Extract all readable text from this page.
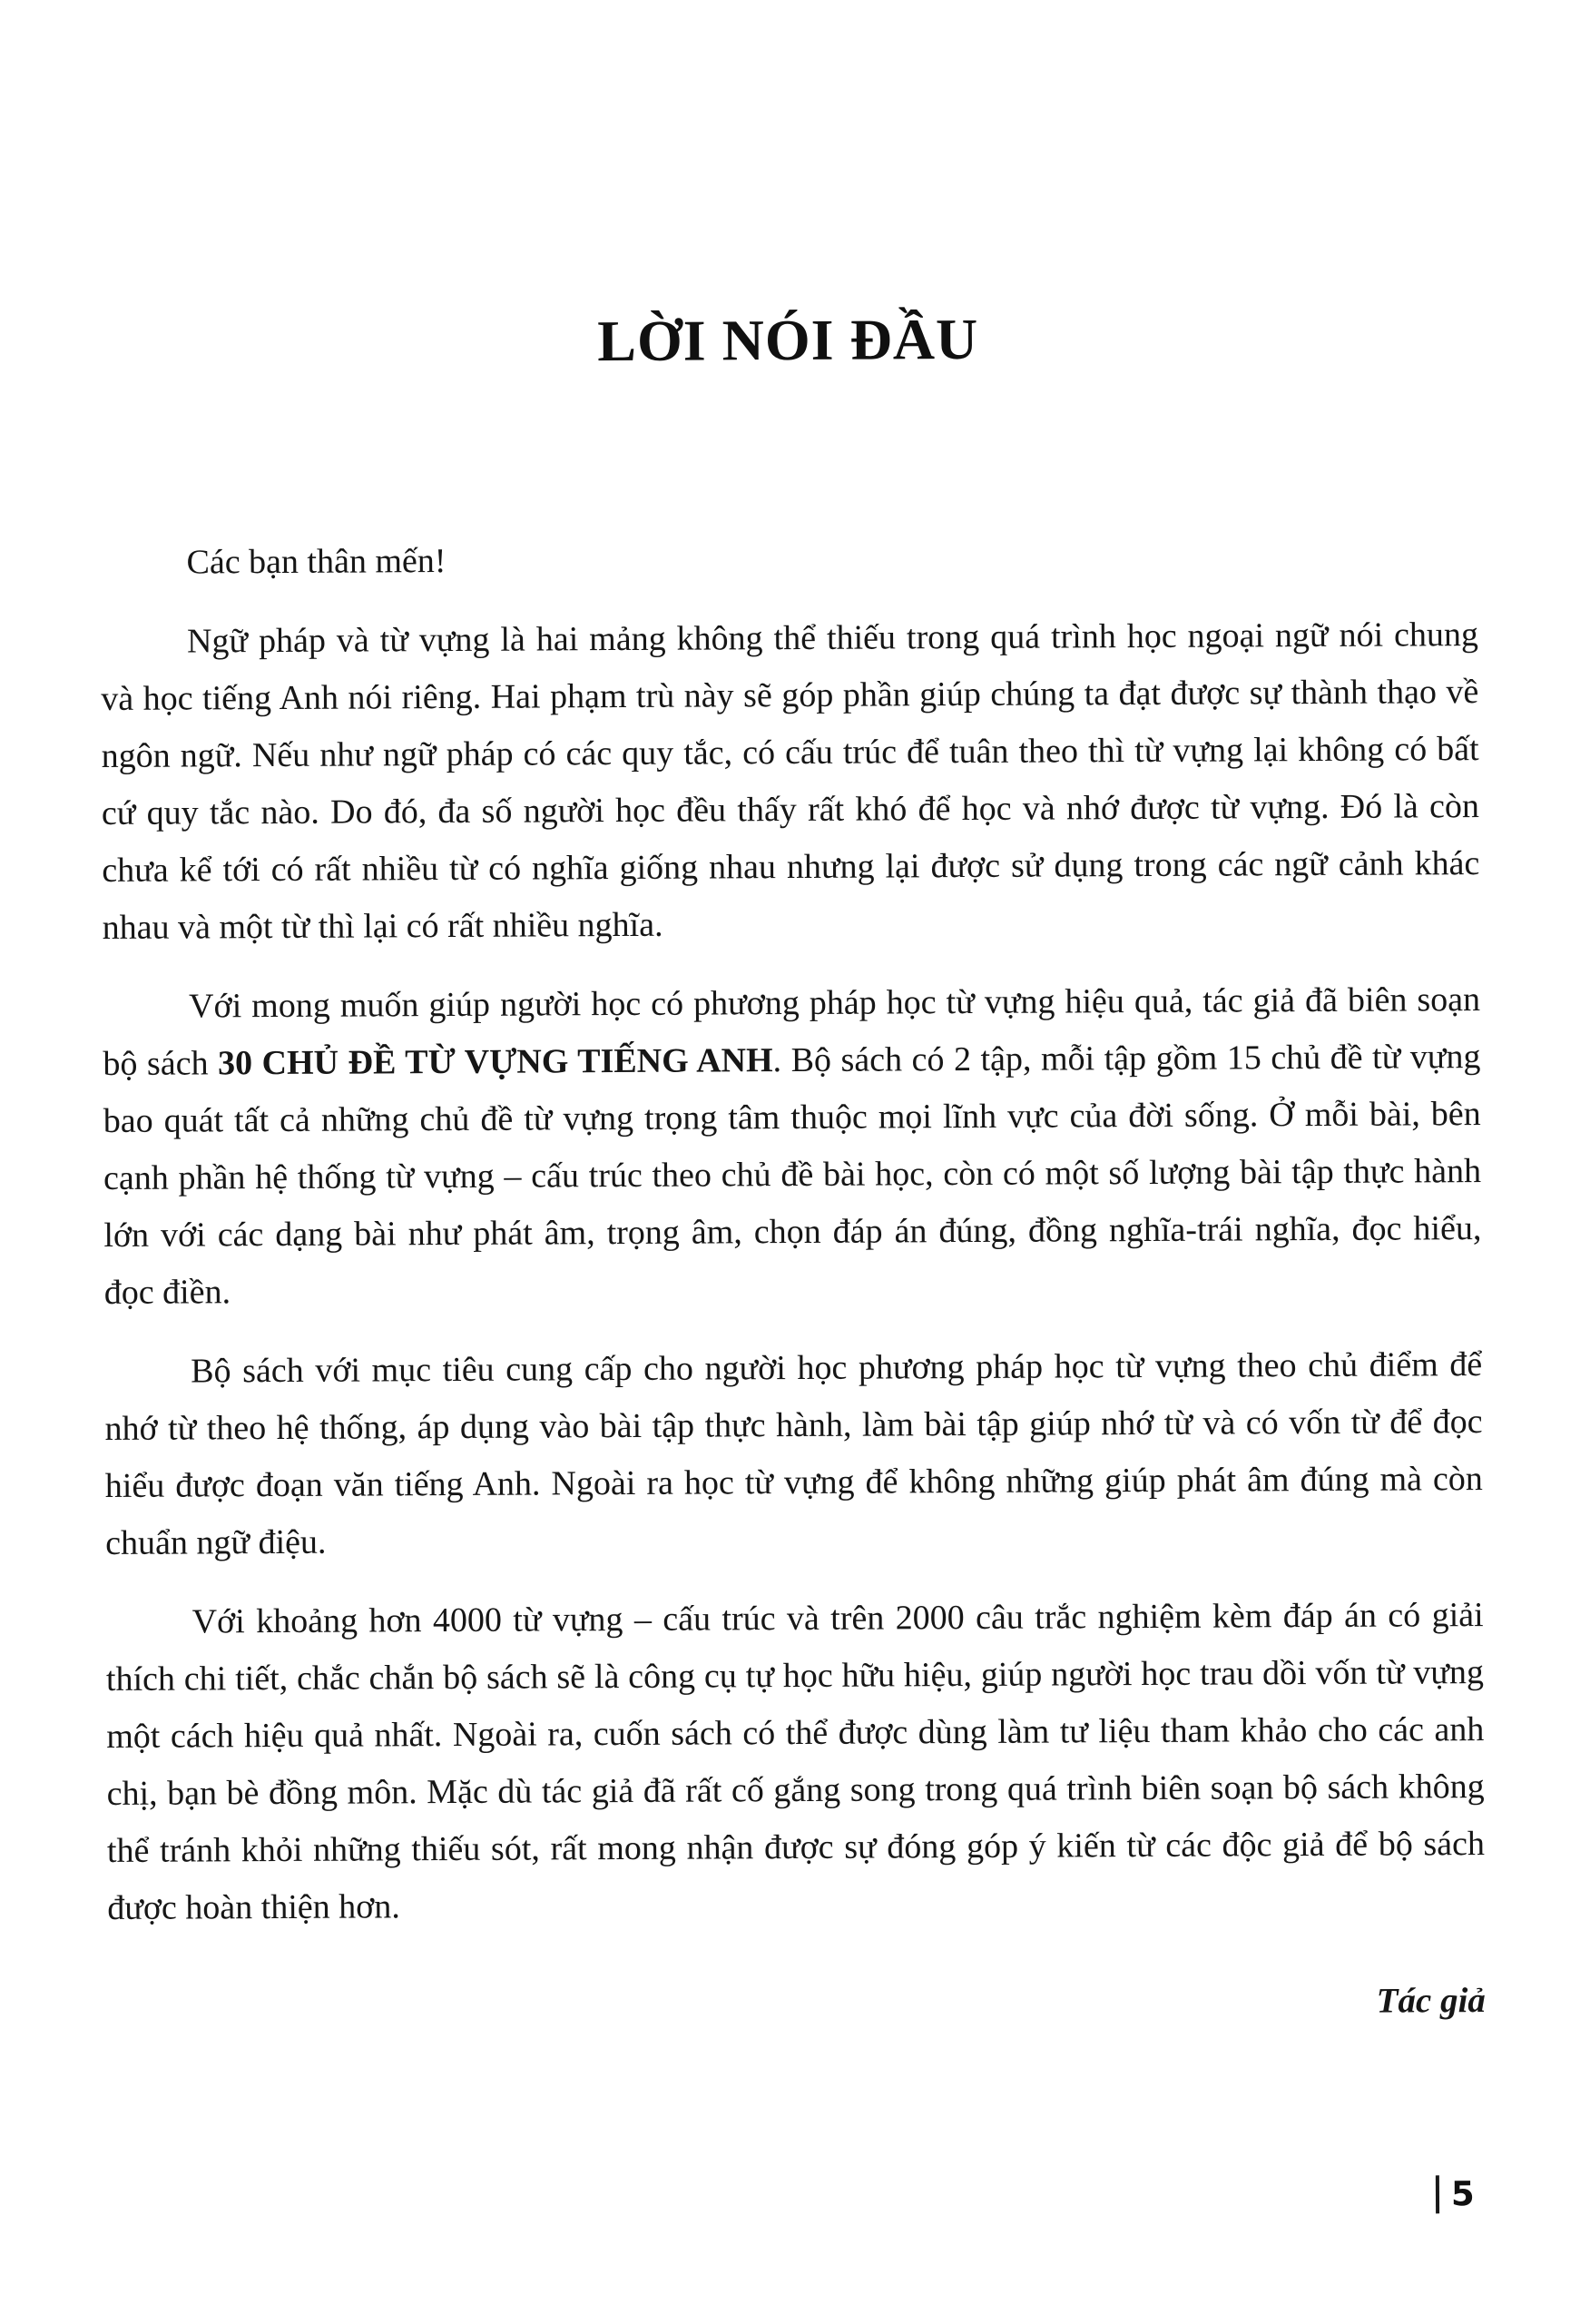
LỜI NÓI ĐẦU

Các bạn thân mến!

Ngữ pháp và từ vựng là hai mảng không thể thiếu trong quá trình học ngoại ngữ nói chung và học tiếng Anh nói riêng. Hai phạm trù này sẽ góp phần giúp chúng ta đạt được sự thành thạo về ngôn ngữ. Nếu như ngữ pháp có các quy tắc, có cấu trúc để tuân theo thì từ vựng lại không có bất cứ quy tắc nào. Do đó, đa số người học đều thấy rất khó để học và nhớ được từ vựng. Đó là còn chưa kể tới có rất nhiều từ có nghĩa giống nhau nhưng lại được sử dụng trong các ngữ cảnh khác nhau và một từ thì lại có rất nhiều nghĩa.

Với mong muốn giúp người học có phương pháp học từ vựng hiệu quả, tác giả đã biên soạn bộ sách 30 CHỦ ĐỀ TỪ VỰNG TIẾNG ANH. Bộ sách có 2 tập, mỗi tập gồm 15 chủ đề từ vựng bao quát tất cả những chủ đề từ vựng trọng tâm thuộc mọi lĩnh vực của đời sống. Ở mỗi bài, bên cạnh phần hệ thống từ vựng – cấu trúc theo chủ đề bài học, còn có một số lượng bài tập thực hành lớn với các dạng bài như phát âm, trọng âm, chọn đáp án đúng, đồng nghĩa-trái nghĩa, đọc hiểu, đọc điền.

Bộ sách với mục tiêu cung cấp cho người học phương pháp học từ vựng theo chủ điểm để nhớ từ theo hệ thống, áp dụng vào bài tập thực hành, làm bài tập giúp nhớ từ và có vốn từ để đọc hiểu được đoạn văn tiếng Anh. Ngoài ra học từ vựng để không những giúp phát âm đúng mà còn chuẩn ngữ điệu.

Với khoảng hơn 4000 từ vựng – cấu trúc và trên 2000 câu trắc nghiệm kèm đáp án có giải thích chi tiết, chắc chắn bộ sách sẽ là công cụ tự học hữu hiệu, giúp người học trau dồi vốn từ vựng một cách hiệu quả nhất. Ngoài ra, cuốn sách có thể được dùng làm tư liệu tham khảo cho các anh chị, bạn bè đồng môn. Mặc dù tác giả đã rất cố gắng song trong quá trình biên soạn bộ sách không thể tránh khỏi những thiếu sót, rất mong nhận được sự đóng góp ý kiến từ các độc giả để bộ sách được hoàn thiện hơn.

Tác giả

5
